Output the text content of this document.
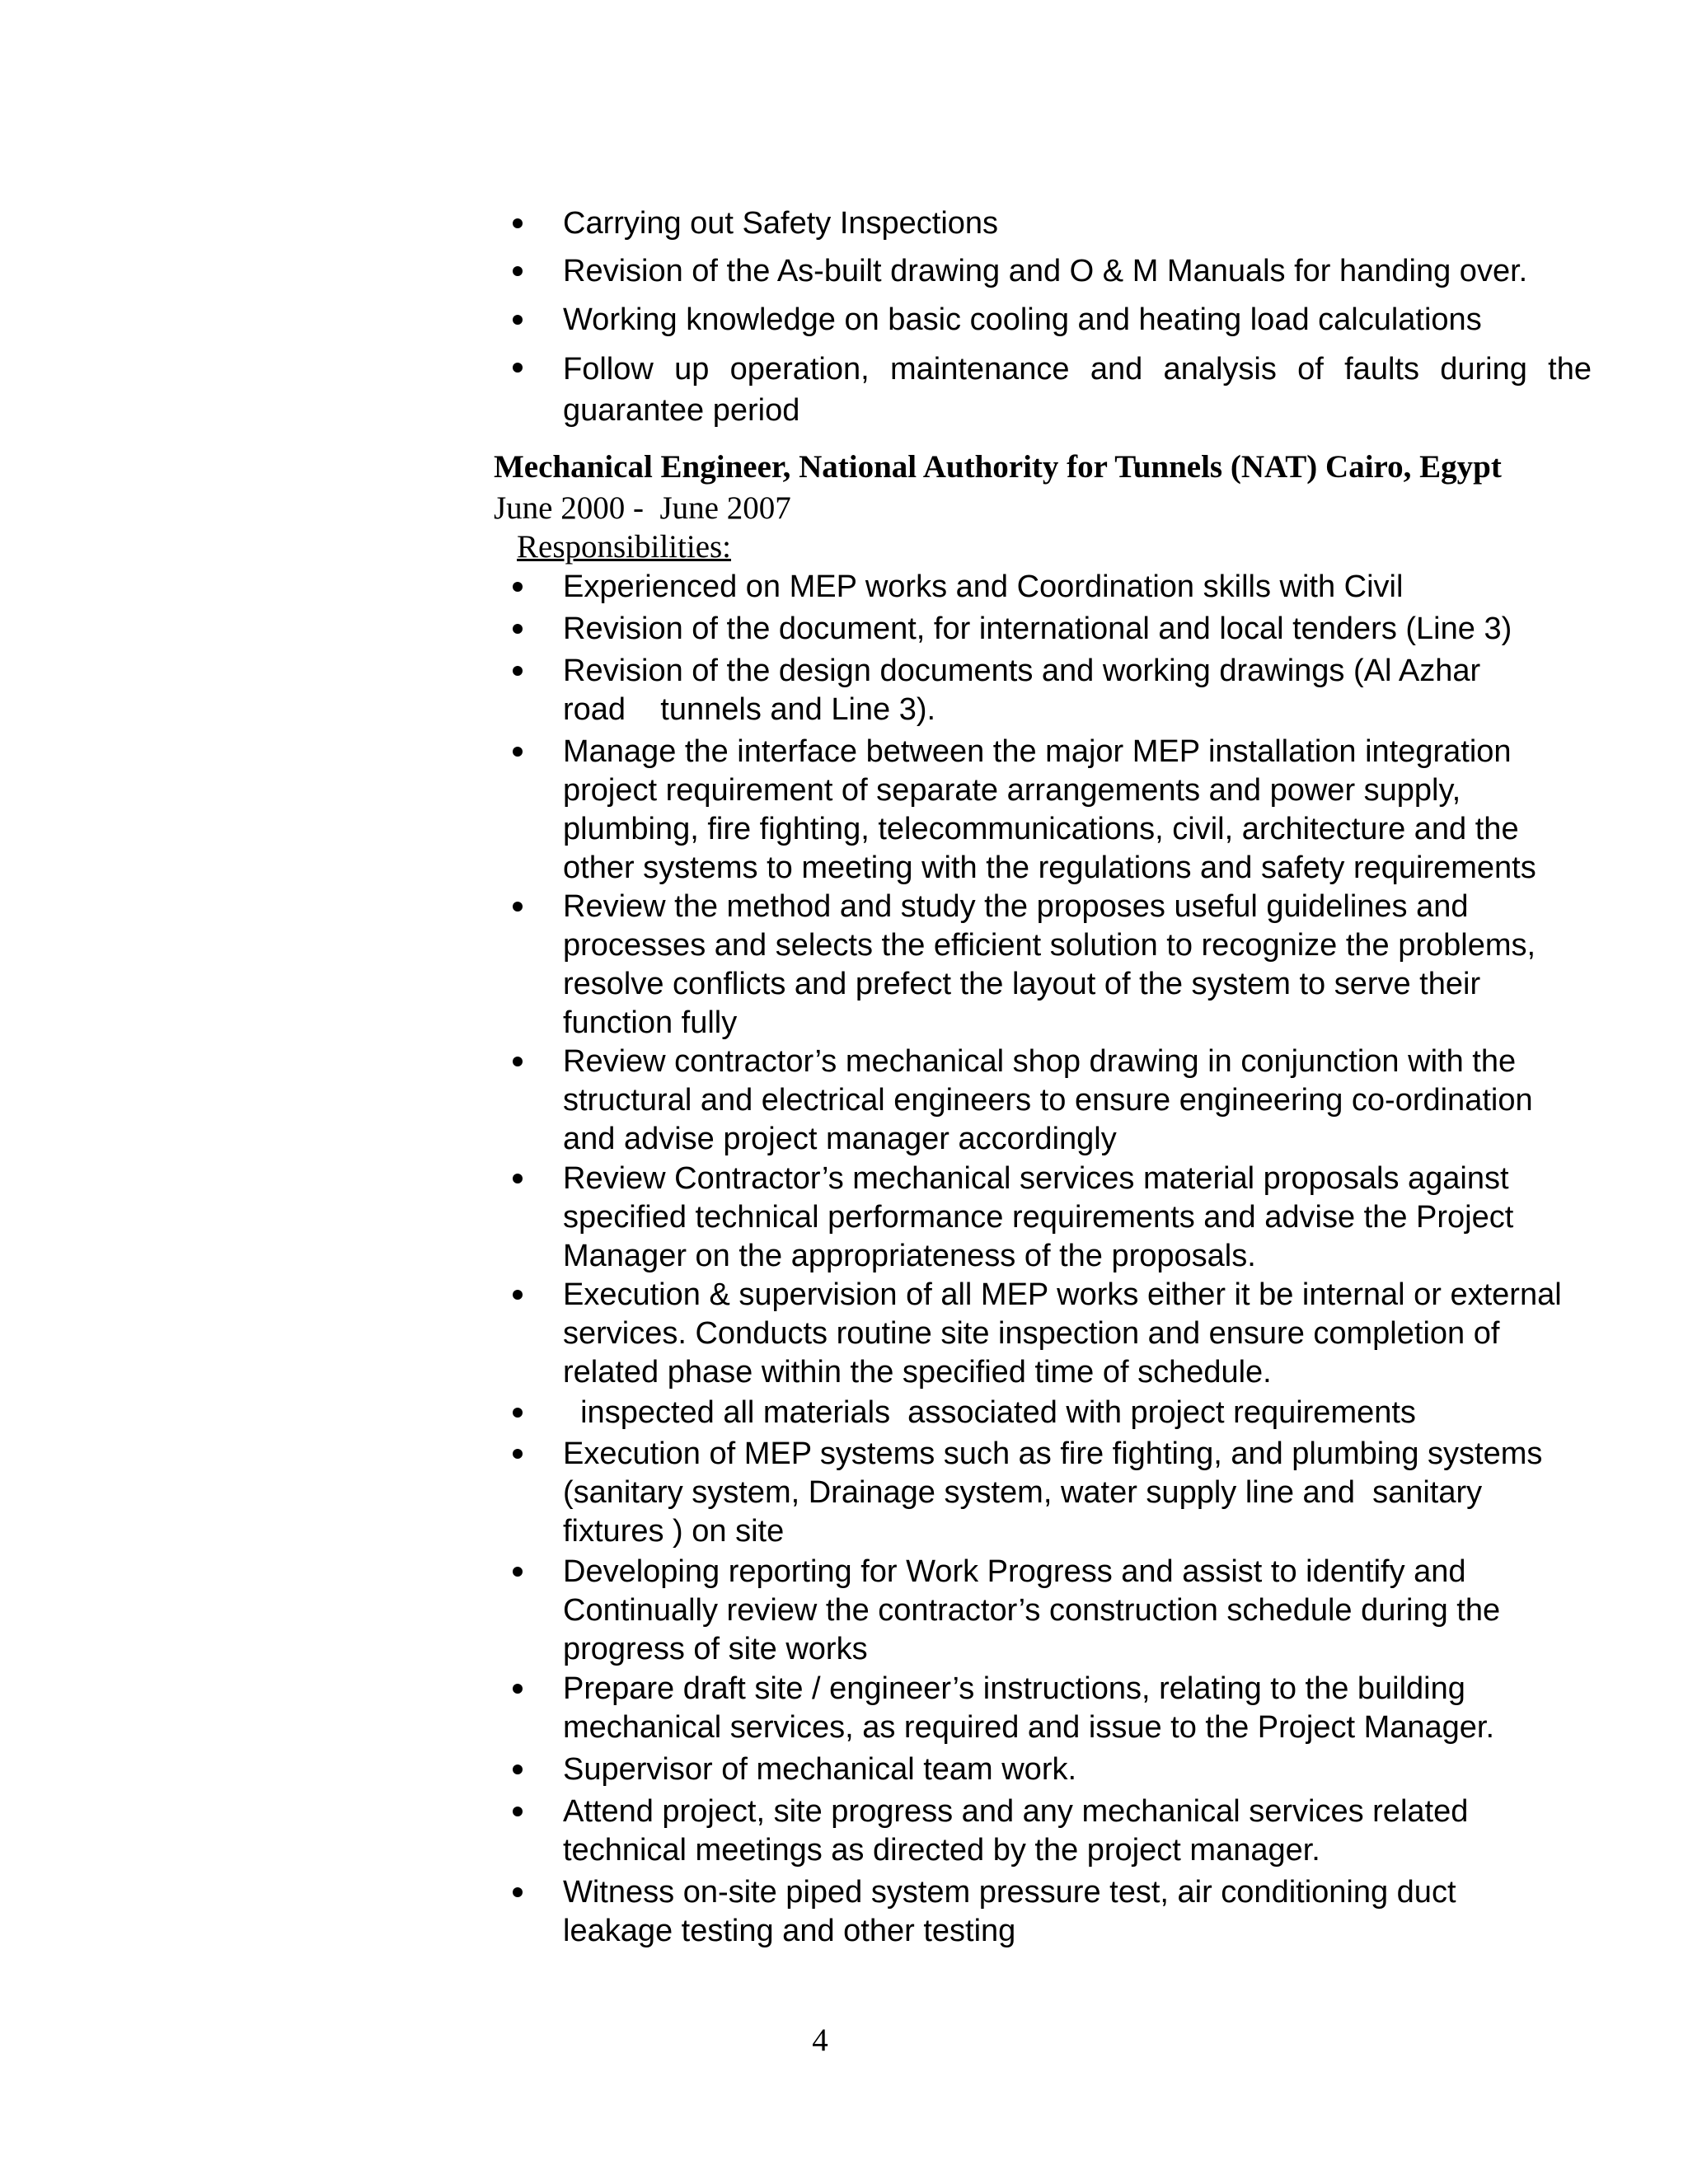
Carrying out Safety Inspections
Revision of the As-built drawing and O & M Manuals for handing over.
Working knowledge on basic cooling and heating load calculations
Follow up operation, maintenance and analysis of faults during the guarantee period
Mechanical Engineer, National Authority for Tunnels (NAT) Cairo, Egypt
June 2000 -  June 2007
Responsibilities:
Experienced on MEP works and Coordination skills with Civil
Revision of the document, for international and local tenders (Line 3)
Revision of the design documents and working drawings (Al Azhar road    tunnels and Line 3).
Manage the interface between the major MEP installation integration project requirement of separate arrangements and power supply, plumbing, fire fighting, telecommunications, civil, architecture and the other systems to meeting with the regulations and safety requirements
Review the method and study the proposes useful guidelines and processes and selects the efficient solution to recognize the problems, resolve conflicts and prefect the layout of the system to serve their function fully
Review contractor’s mechanical shop drawing in conjunction with the structural and electrical engineers to ensure engineering co-ordination and advise project manager accordingly
Review Contractor’s mechanical services material proposals against specified technical performance requirements and advise the Project Manager on the appropriateness of the proposals.
Execution & supervision of all MEP works either it be internal or external services. Conducts routine site inspection and ensure completion of related phase within the specified time of schedule.
inspected all materials  associated with project requirements
Execution of MEP systems such as fire fighting, and plumbing systems (sanitary system, Drainage system, water supply line and  sanitary fixtures ) on site
Developing reporting for Work Progress and assist to identify and Continually review the contractor’s construction schedule during the progress of site works
Prepare draft site / engineer’s instructions, relating to the building mechanical services, as required and issue to the Project Manager.
Supervisor of mechanical team work.
Attend project, site progress and any mechanical services related technical meetings as directed by the project manager.
Witness on-site piped system pressure test, air conditioning duct leakage testing and other testing
4
